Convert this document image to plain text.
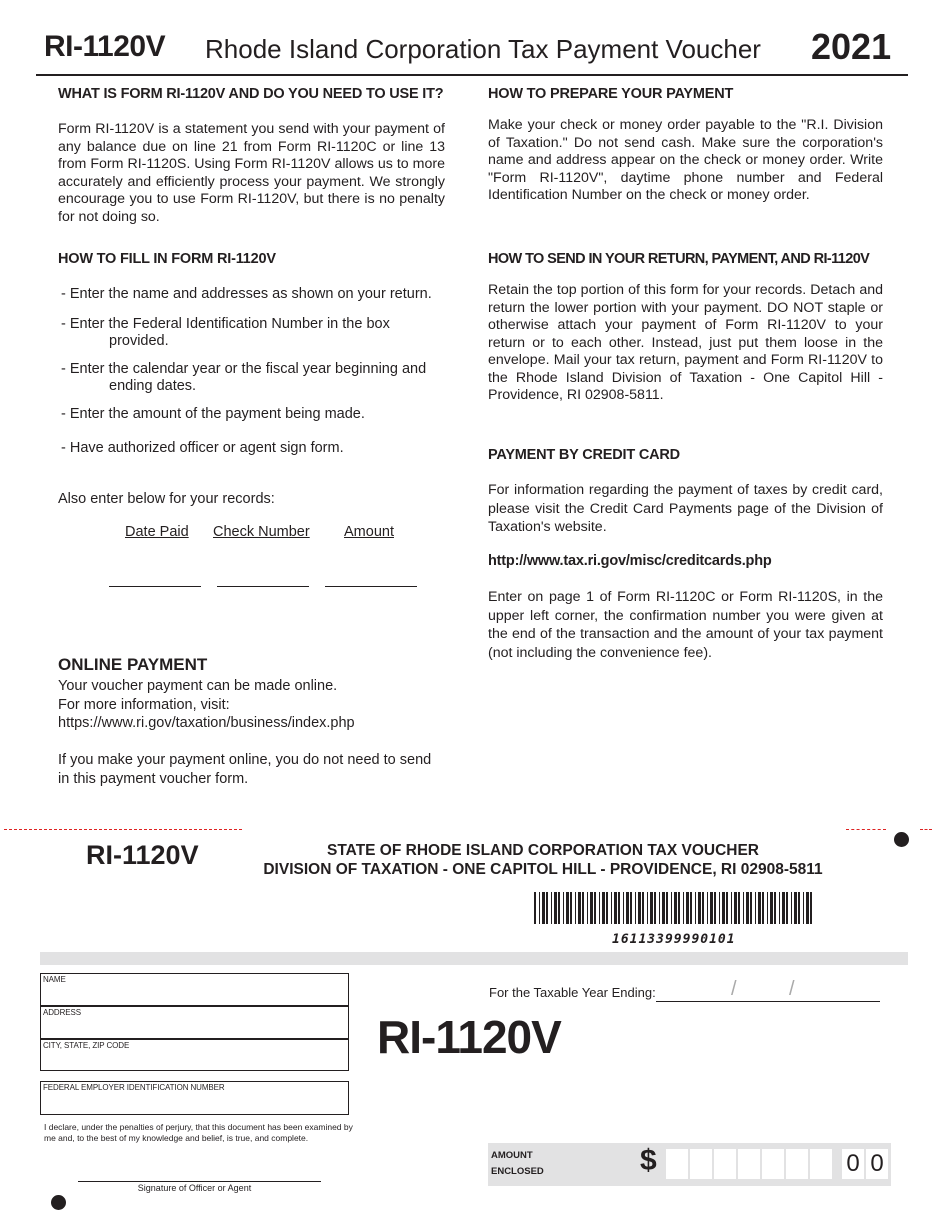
RI-1120V Rhode Island Corporation Tax Payment Voucher 2021
WHAT IS FORM RI-1120V AND DO YOU NEED TO USE IT?
Form RI-1120V is a statement you send with your payment of any balance due on line 21 from Form RI-1120C or line 13 from Form RI-1120S. Using Form RI-1120V allows us to more accurately and efficiently process your payment. We strongly encourage you to use Form RI-1120V, but there is no penalty for not doing so.
HOW TO FILL IN FORM RI-1120V
- Enter the name and addresses as shown on your return.
- Enter the Federal Identification Number in the box
provided.
- Enter the calendar year or the fiscal year beginning and
ending dates.
- Enter the amount of the payment being made.
- Have authorized officer or agent sign form.
Also enter below for your records:
Date Paid Check Number Amount
ONLINE PAYMENT
Your voucher payment can be made online.
For more information, visit:
https://www.ri.gov/taxation/business/index.php
If you make your payment online, you do not need to send
in this payment voucher form.
HOW TO PREPARE YOUR PAYMENT
Make your check or money order payable to the "R.I. Division of Taxation." Do not send cash. Make sure the corporation's name and address appear on the check or money order. Write "Form RI-1120V", daytime phone number and Federal Identification Number on the check or money order.
HOW TO SEND IN YOUR RETURN, PAYMENT, AND RI-1120V
Retain the top portion of this form for your records. Detach and return the lower portion with your payment. DO NOT staple or otherwise attach your payment of Form RI-1120V to your return or to each other. Instead, just put them loose in the envelope. Mail your tax return, payment and Form RI-1120V to the Rhode Island Division of Taxation - One Capitol Hill - Providence, RI 02908-5811.
PAYMENT BY CREDIT CARD
For information regarding the payment of taxes by credit card, please visit the Credit Card Payments page of the Division of Taxation's website.
http://www.tax.ri.gov/misc/creditcards.php
Enter on page 1 of Form RI-1120C or Form RI-1120S, in the upper left corner, the confirmation number you were given at the end of the transaction and the amount of your tax payment (not including the convenience fee).
RI-1120V	STATE OF RHODE ISLAND CORPORATION TAX VOUCHER
DIVISION OF TAXATION - ONE CAPITOL HILL - PROVIDENCE, RI 02908-5811
16113399990101
NAME
ADDRESS
CITY, STATE, ZIP CODE
FEDERAL EMPLOYER IDENTIFICATION NUMBER
I declare, under the penalties of perjury, that this document has been examined by me and, to the best of my knowledge and belief, is true, and complete.
Signature of Officer or Agent
For the Taxable Year Ending:	/	/
RI-1120V
AMOUNT
ENCLOSED	$	0 0
